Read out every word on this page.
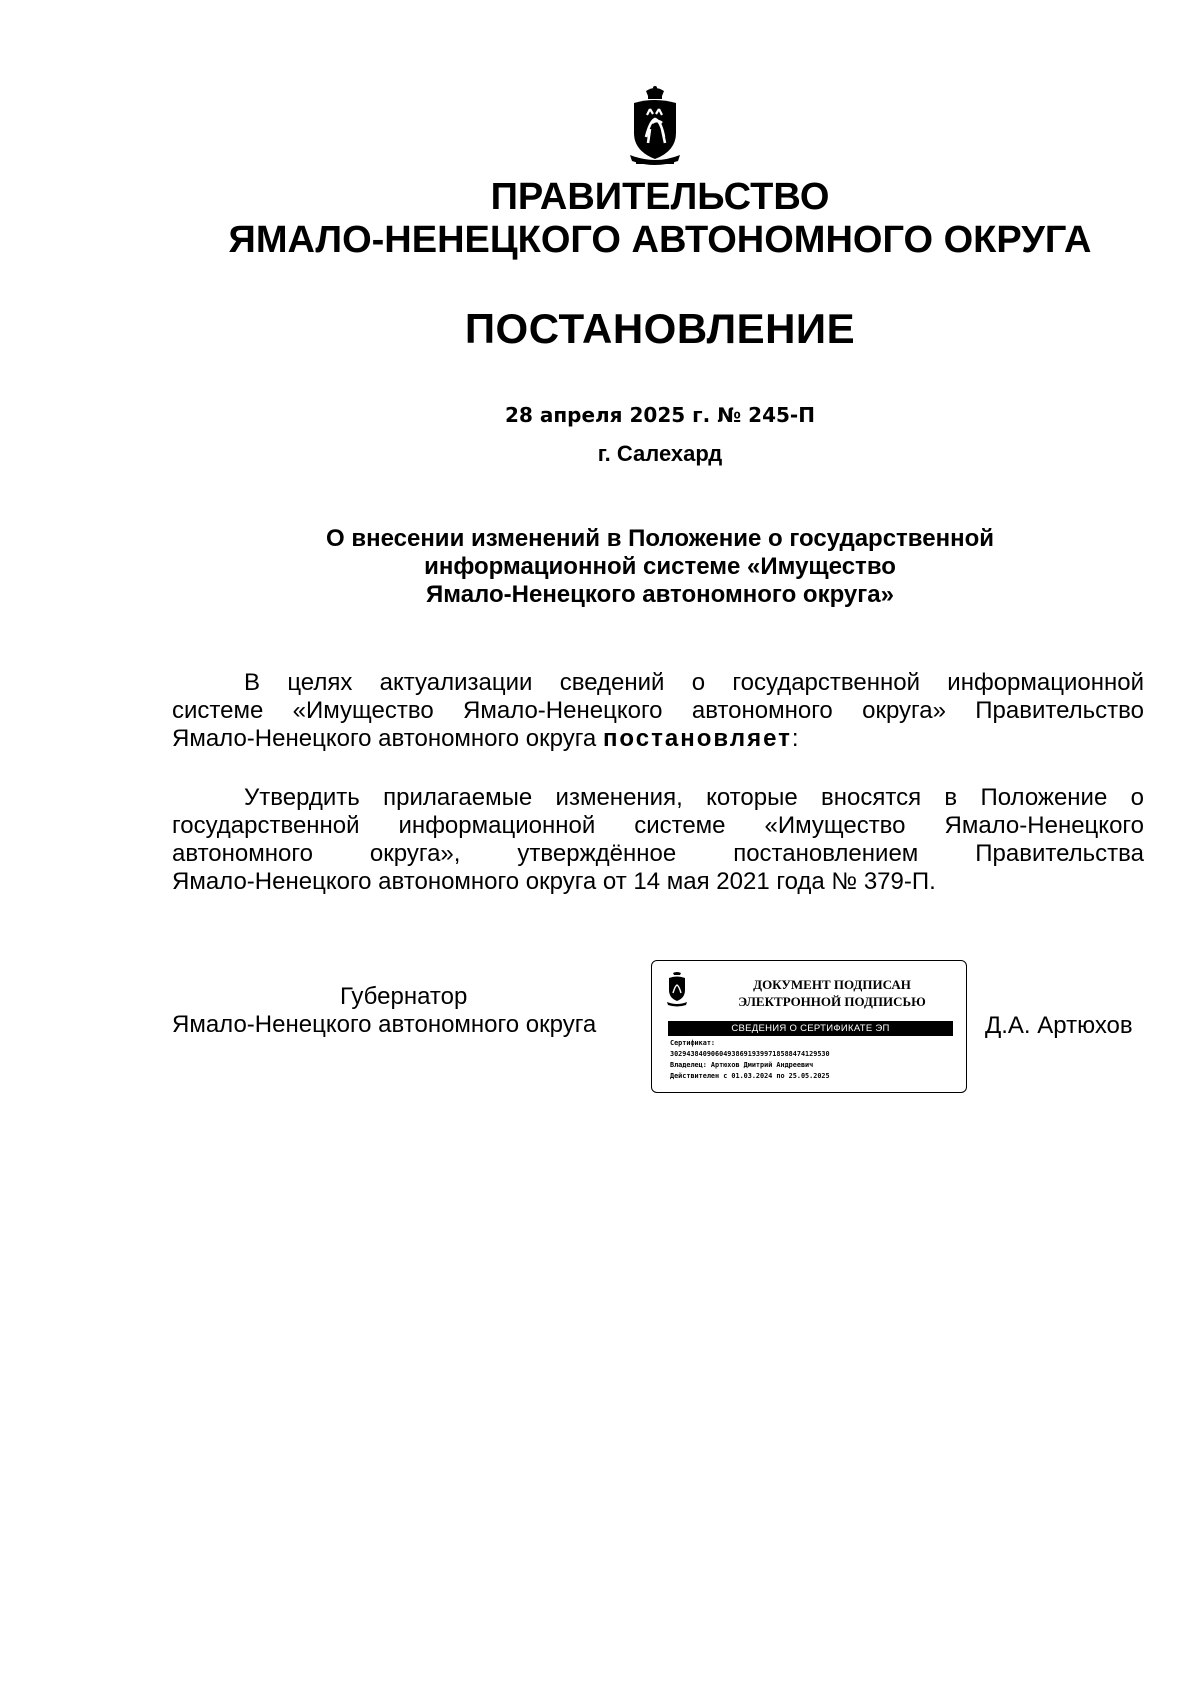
ПРАВИТЕЛЬСТВО
ЯМАЛО-НЕНЕЦКОГО АВТОНОМНОГО ОКРУГА
ПОСТАНОВЛЕНИЕ
28 апреля 2025 г. № 245-П
г. Салехард
О внесении изменений в Положение о государственной
информационной системе «Имущество
Ямало-Ненецкого автономного округа»
В целях актуализации сведений о государственной информационной
системе «Имущество Ямало-Ненецкого автономного округа» Правительство
Ямало-Ненецкого автономного округа постановляет:
Утвердить прилагаемые изменения, которые вносятся в Положение о
государственной информационной системе «Имущество Ямало-Ненецкого
автономного округа», утверждённое постановлением Правительства
Ямало-Ненецкого автономного округа от 14 мая 2021 года № 379-П.
Губернатор
Ямало-Ненецкого автономного округа
ДОКУМЕНТ ПОДПИСАН
ЭЛЕКТРОННОЙ ПОДПИСЬЮ
СВЕДЕНИЯ О СЕРТИФИКАТЕ ЭП
Сертификат:
302943840906049386919399718588474129530
Владелец: Артюхов Дмитрий Андреевич
Действителен с 01.03.2024 по 25.05.2025
Д.А. Артюхов
